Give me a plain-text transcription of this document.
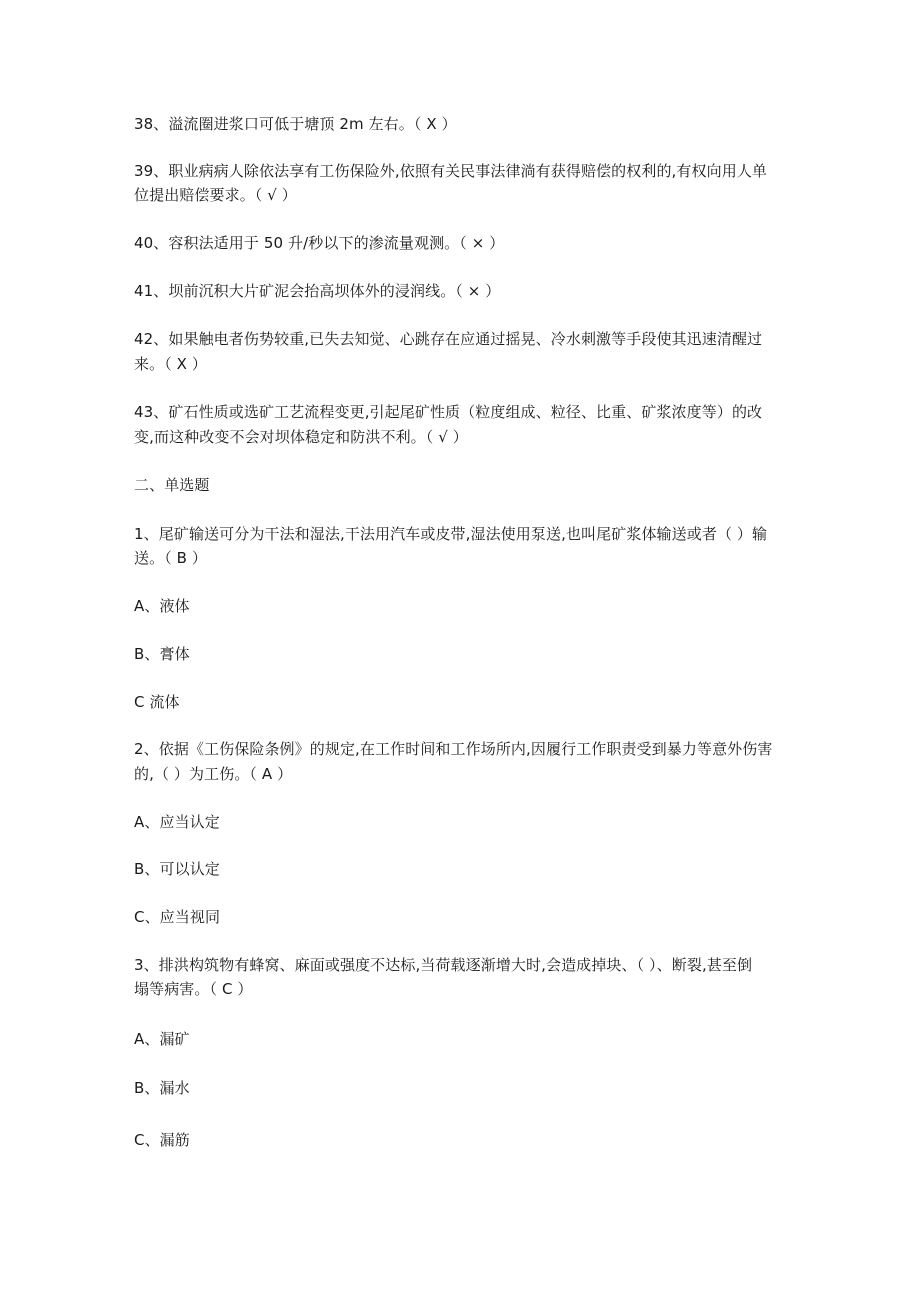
38、溢流圈进浆口可低于塘顶 2m 左右。（ X ）
39、职业病病人除依法享有工伤保险外,依照有关民事法律淌有获得赔偿的权利的,有权向用人单
位提出赔偿要求。（ √ ）
40、容积法适用于 50 升/秒以下的渗流量观测。（ × ）
41、坝前沉积大片矿泥会抬高坝体外的浸润线。（ × ）
42、如果触电者伤势较重,已失去知觉、心跳存在应通过摇晃、冷水刺激等手段使其迅速清醒过
来。（ X ）
43、矿石性质或选矿工艺流程变更,引起尾矿性质（粒度组成、粒径、比重、矿浆浓度等）的改
变,而这种改变不会对坝体稳定和防洪不利。（ √ ）
二、单选题
1、尾矿输送可分为干法和湿法,干法用汽车或皮带,湿法使用泵送,也叫尾矿浆体输送或者（ ）输
送。（ B ）
A、液体
B、膏体
C 流体
2、依据《工伤保险条例》的规定,在工作时间和工作场所内,因履行工作职责受到暴力等意外伤害
的,（ ）为工伤。（ A ）
A、应当认定
B、可以认定
C、应当视同
3、排洪构筑物有蜂窝、麻面或强度不达标,当荷载逐渐增大时,会造成掉块、（ ）、断裂,甚至倒
塌等病害。（ C ）
A、漏矿
B、漏水
C、漏筋
